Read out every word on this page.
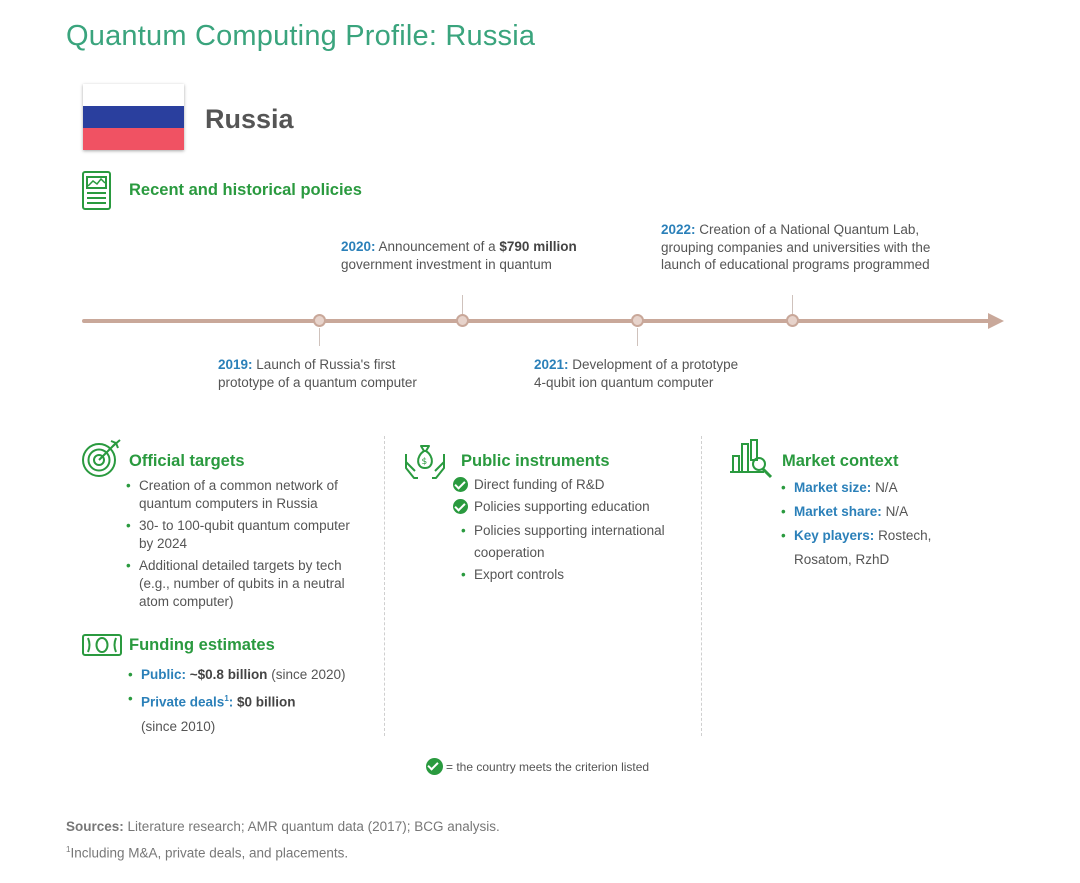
Quantum Computing Profile: Russia
Russia
Recent and historical policies
2020: Announcement of a $790 million
government investment in quantum
2022: Creation of a National Quantum Lab,
grouping companies and universities with the
launch of educational programs programmed
2019: Launch of Russia's first
prototype of a quantum computer
2021: Development of a prototype
4-qubit ion quantum computer
Official targets
• Creation of a common network of
quantum computers in Russia
• 30- to 100-qubit quantum computer
by 2024
• Additional detailed targets by tech
(e.g., number of qubits in a neutral
atom computer)
Funding estimates
• Public: ~$0.8 billion (since 2020)
• Private deals$^1$: $0 billion
(since 2010)
$ Public instruments
Direct funding of R&D
Policies supporting education
• Policies supporting international
cooperation
• Export controls
Market context
• Market size: N/A
• Market share: N/A
• Key players: Rostech,
Rosatom, RzhD
= the country meets the criterion listed
Sources: Literature research; AMR quantum data (2017); BCG analysis.
$^1$Including M&A, private deals, and placements.
